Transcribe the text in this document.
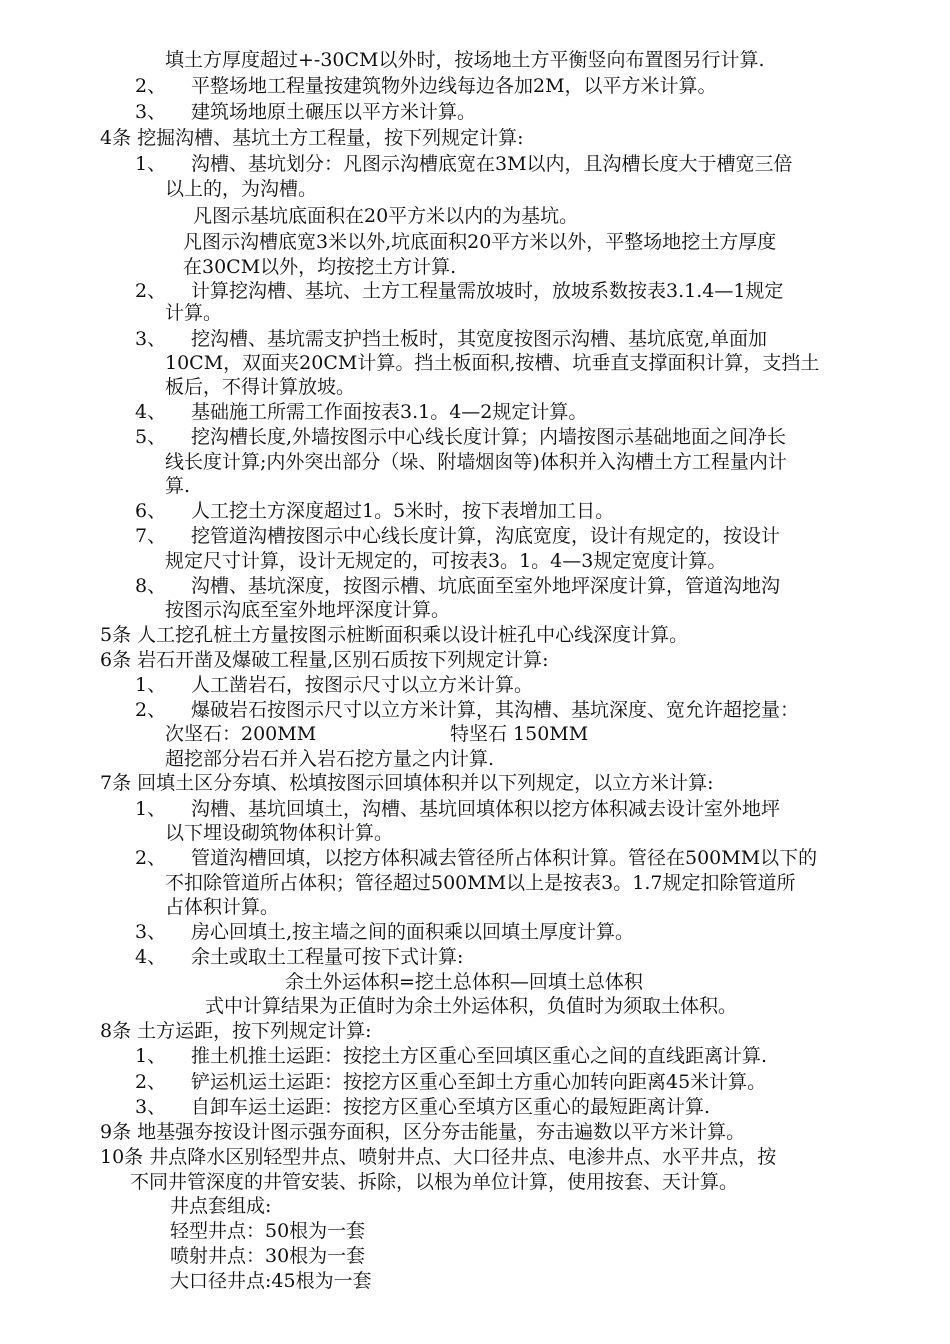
填土方厚度超过+-30CM以外时，按场地土方平衡竖向布置图另行计算.
2、 平整场地工程量按建筑物外边线每边各加2M，以平方米计算。
3、 建筑场地原土碾压以平方米计算。
4条 挖掘沟槽、基坑土方工程量，按下列规定计算:
1、 沟槽、基坑划分：凡图示沟槽底宽在3M以内，且沟槽长度大于槽宽三倍
以上的，为沟槽。
凡图示基坑底面积在20平方米以内的为基坑。
凡图示沟槽底宽3米以外,坑底面积20平方米以外，平整场地挖土方厚度
在30CM以外，均按挖土方计算.
2、 计算挖沟槽、基坑、土方工程量需放坡时，放坡系数按表3.1.4—1规定
计算。
3、 挖沟槽、基坑需支护挡土板时，其宽度按图示沟槽、基坑底宽,单面加
10CM，双面夹20CM计算。挡土板面积,按槽、坑垂直支撑面积计算，支挡土
板后，不得计算放坡。
4、 基础施工所需工作面按表3.1。4—2规定计算。
5、 挖沟槽长度,外墙按图示中心线长度计算；内墙按图示基础地面之间净长
线长度计算;内外突出部分（垛、附墙烟囱等)体积并入沟槽土方工程量内计
算.
6、 人工挖土方深度超过1。5米时，按下表增加工日。
7、 挖管道沟槽按图示中心线长度计算，沟底宽度，设计有规定的，按设计
规定尺寸计算，设计无规定的，可按表3。1。4—3规定宽度计算。
8、 沟槽、基坑深度，按图示槽、坑底面至室外地坪深度计算，管道沟地沟
按图示沟底至室外地坪深度计算。
5条 人工挖孔桩土方量按图示桩断面积乘以设计桩孔中心线深度计算。
6条 岩石开凿及爆破工程量,区别石质按下列规定计算:
1、 人工凿岩石，按图示尺寸以立方米计算。
2、 爆破岩石按图示尺寸以立方米计算，其沟槽、基坑深度、宽允许超挖量：
次坚石：200MM	特坚石 150MM
超挖部分岩石并入岩石挖方量之内计算.
7条 回填土区分夯填、松填按图示回填体积并以下列规定，以立方米计算:
1、 沟槽、基坑回填土，沟槽、基坑回填体积以挖方体积减去设计室外地坪
以下埋设砌筑物体积计算。
2、 管道沟槽回填，以挖方体积减去管径所占体积计算。管径在500MM以下的
不扣除管道所占体积；管径超过500MM以上是按表3。1.7规定扣除管道所
占体积计算。
3、 房心回填土,按主墙之间的面积乘以回填土厚度计算。
4、 余土或取土工程量可按下式计算:
余土外运体积=挖土总体积—回填土总体积
式中计算结果为正值时为余土外运体积，负值时为须取土体积。
8条 土方运距，按下列规定计算:
1、 推土机推土运距：按挖土方区重心至回填区重心之间的直线距离计算.
2、 铲运机运土运距：按挖方区重心至卸土方重心加转向距离45米计算。
3、 自卸车运土运距：按挖方区重心至填方区重心的最短距离计算.
9条 地基强夯按设计图示强夯面积，区分夯击能量，夯击遍数以平方米计算。
10条 井点降水区别轻型井点、喷射井点、大口径井点、电渗井点、水平井点，按
不同井管深度的井管安装、拆除，以根为单位计算，使用按套、天计算。
井点套组成:
轻型井点：50根为一套
喷射井点：30根为一套
大口径井点:45根为一套
